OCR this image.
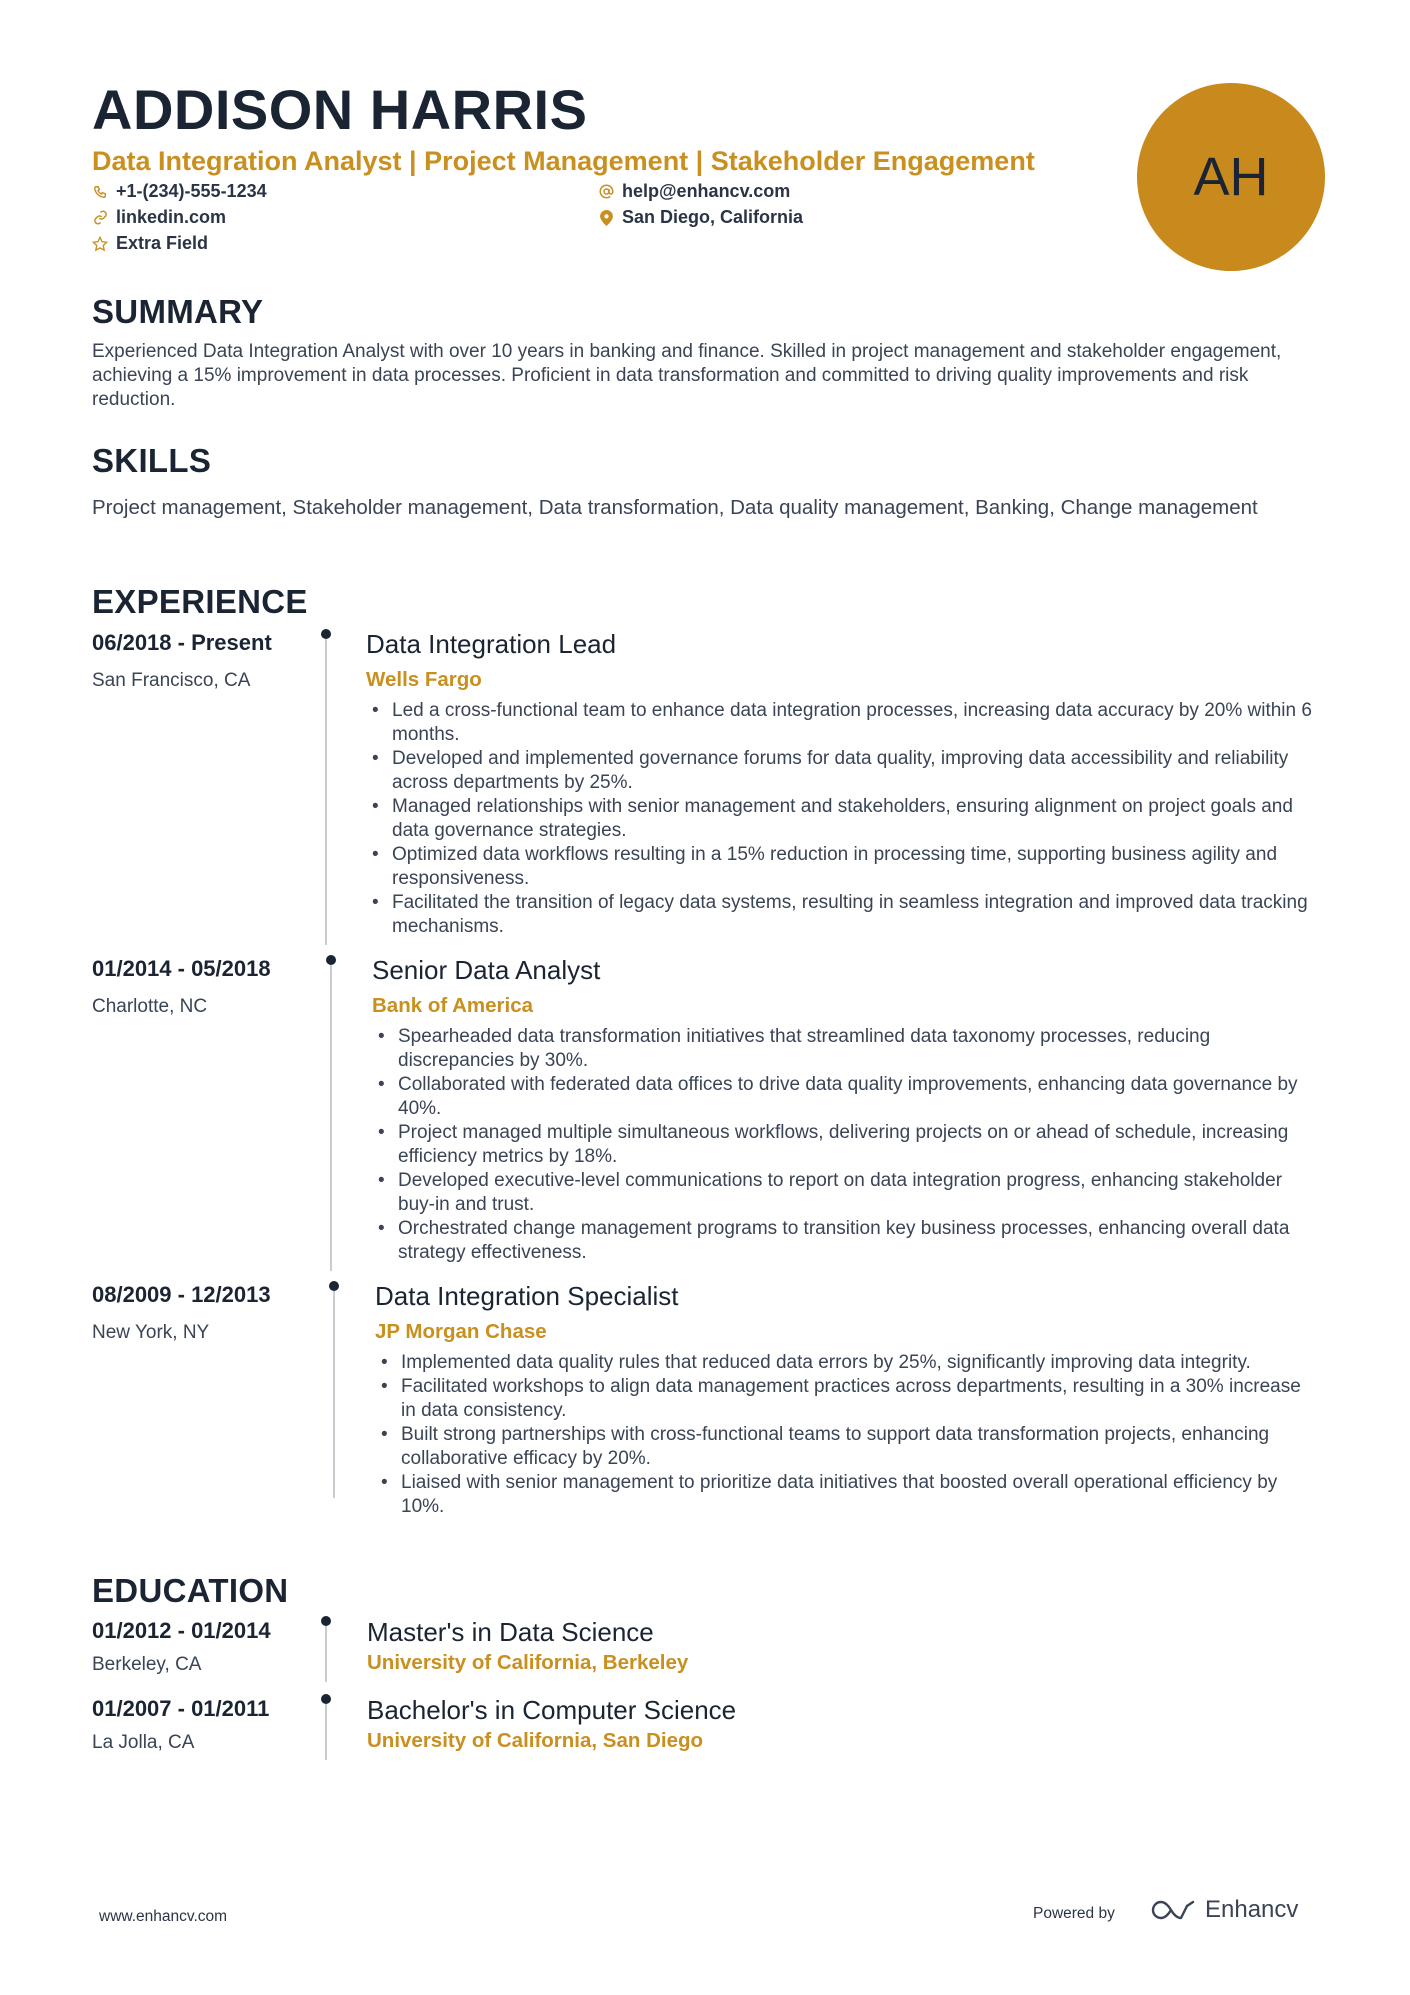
ADDISON HARRIS
Data Integration Analyst | Project Management | Stakeholder Engagement
+1-(234)-555-1234	help@enhancv.com
linkedin.com	San Diego, California
Extra Field
AH
SUMMARY
Experienced Data Integration Analyst with over 10 years in banking and finance. Skilled in project management and stakeholder engagement, achieving a 15% improvement in data processes. Proficient in data transformation and committed to driving quality improvements and risk reduction.
SKILLS
Project management, Stakeholder management, Data transformation, Data quality management, Banking, Change management
EXPERIENCE
06/2018 - Present
San Francisco, CA
Data Integration Lead
Wells Fargo
• Led a cross-functional team to enhance data integration processes, increasing data accuracy by 20% within 6 months.
• Developed and implemented governance forums for data quality, improving data accessibility and reliability across departments by 25%.
• Managed relationships with senior management and stakeholders, ensuring alignment on project goals and data governance strategies.
• Optimized data workflows resulting in a 15% reduction in processing time, supporting business agility and responsiveness.
• Facilitated the transition of legacy data systems, resulting in seamless integration and improved data tracking mechanisms.
01/2014 - 05/2018
Charlotte, NC
Senior Data Analyst
Bank of America
• Spearheaded data transformation initiatives that streamlined data taxonomy processes, reducing discrepancies by 30%.
• Collaborated with federated data offices to drive data quality improvements, enhancing data governance by 40%.
• Project managed multiple simultaneous workflows, delivering projects on or ahead of schedule, increasing efficiency metrics by 18%.
• Developed executive-level communications to report on data integration progress, enhancing stakeholder buy-in and trust.
• Orchestrated change management programs to transition key business processes, enhancing overall data strategy effectiveness.
08/2009 - 12/2013
New York, NY
Data Integration Specialist
JP Morgan Chase
• Implemented data quality rules that reduced data errors by 25%, significantly improving data integrity.
• Facilitated workshops to align data management practices across departments, resulting in a 30% increase in data consistency.
• Built strong partnerships with cross-functional teams to support data transformation projects, enhancing collaborative efficacy by 20%.
• Liaised with senior management to prioritize data initiatives that boosted overall operational efficiency by 10%.
EDUCATION
01/2012 - 01/2014
Berkeley, CA
Master's in Data Science
University of California, Berkeley
01/2007 - 01/2011
La Jolla, CA
Bachelor's in Computer Science
University of California, San Diego
www.enhancv.com	Powered by	Enhancv
